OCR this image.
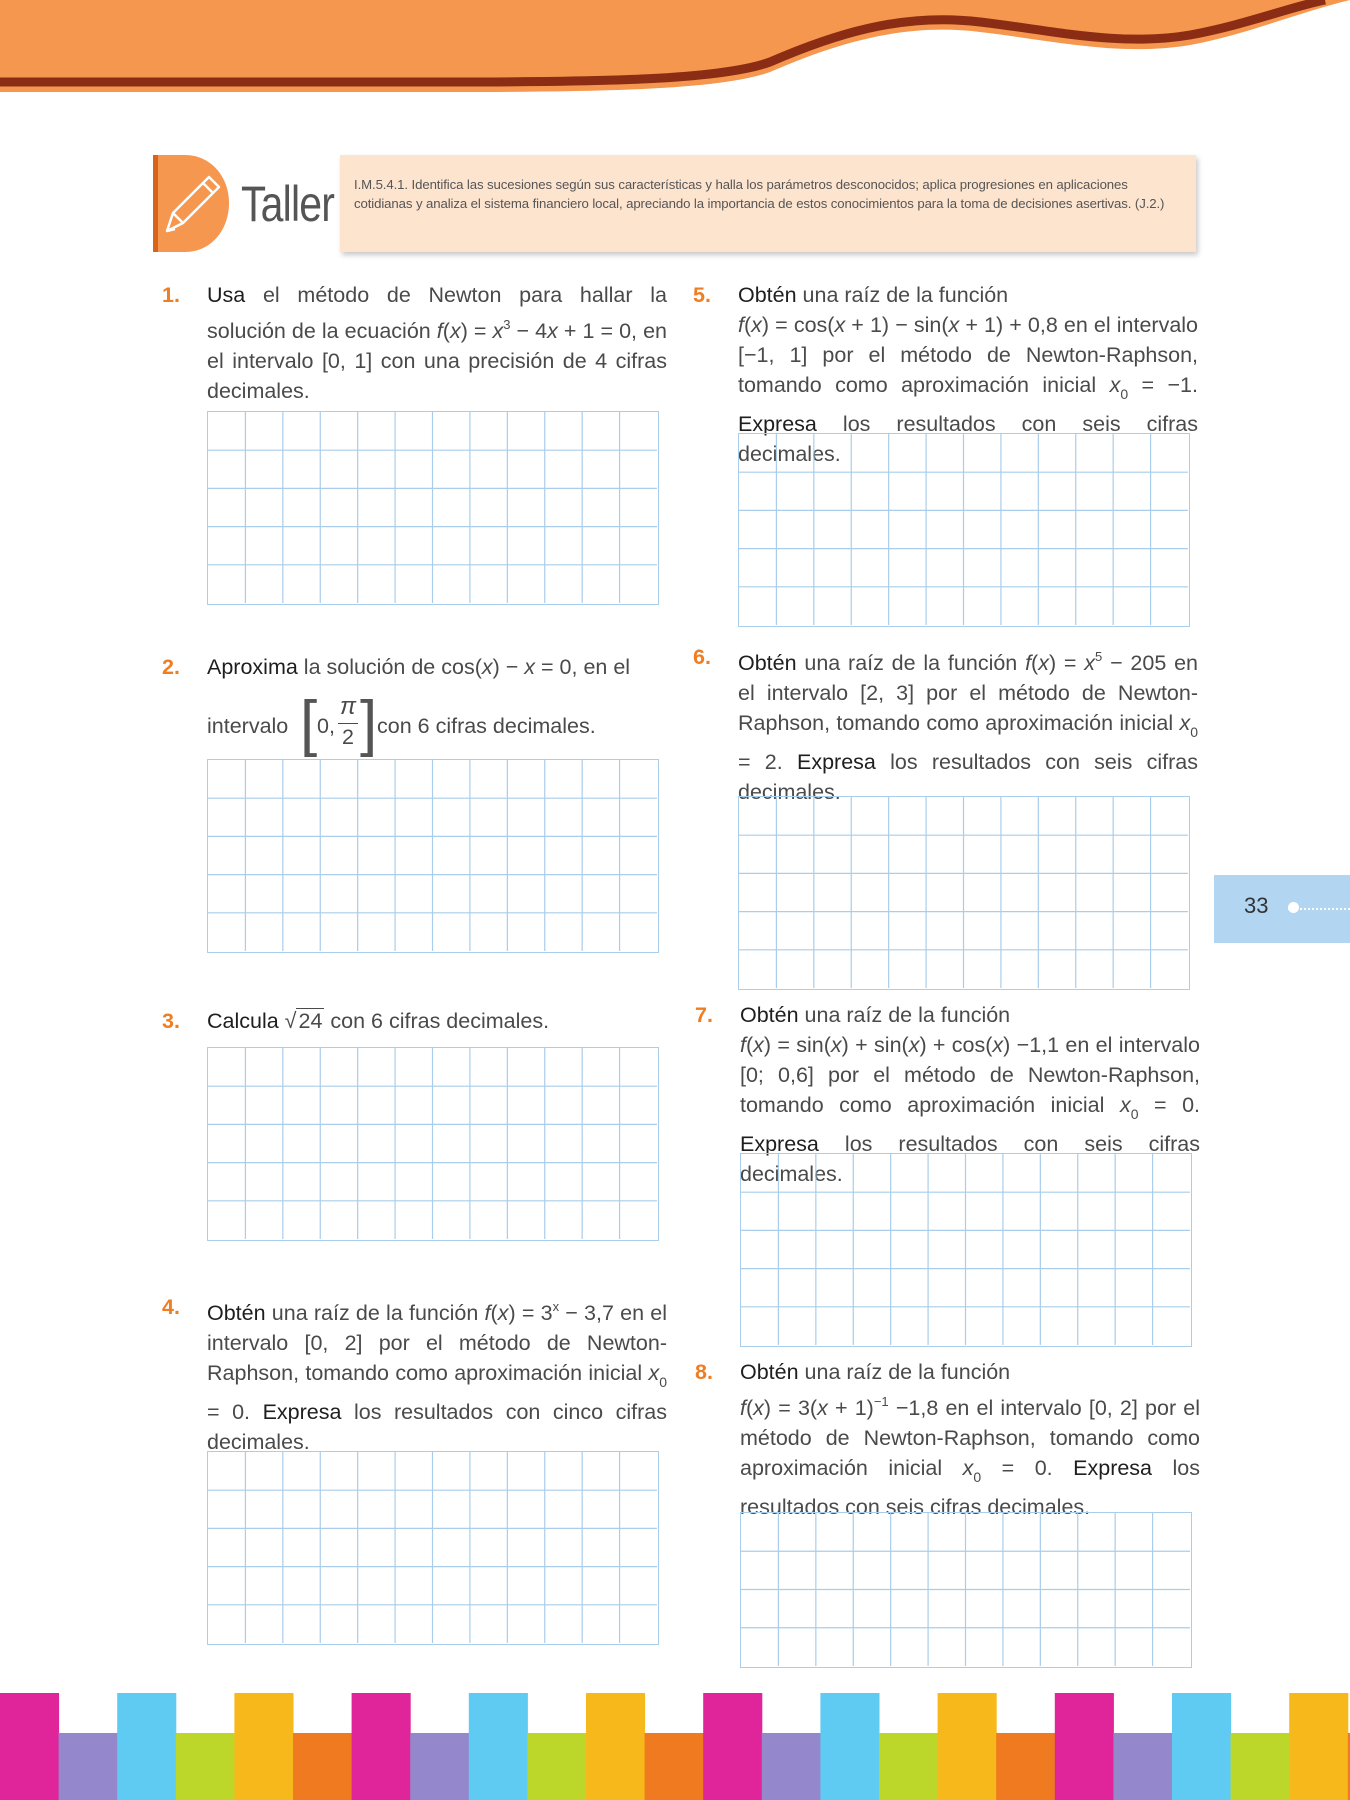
Taller	I.M.5.4.1. Identifica las sucesiones según sus características y halla los parámetros desconocidos; aplica progresiones en aplicaciones cotidianas y analiza el sistema financiero local, apreciando la importancia de estos conocimientos para la toma de decisiones asertivas. (J.2.)
1. Usa el método de Newton para hallar la solución de la ecuación $f(x) = x^3 - 4x + 1 = 0$, en el intervalo [0, 1] con una precisión de 4 cifras decimales.
2. Aproxima la solución de cos(x) − x = 0, en el
intervalo [ 0,
π
2 ] con 6 cifras decimales.
3. Calcula √24 con 6 cifras decimales.
4. Obtén una raíz de la función $f(x) = 3^x - 3,7$ en el intervalo [0, 2] por el método de Newton-Raphson, tomando como aproximación inicial $x_0 = 0$. Expresa los resultados con cinco cifras decimales.
5. Obtén una raíz de la función
f(x) = cos(x + 1) − sin(x + 1) + 0,8 en el intervalo [−1, 1] por el método de Newton-Raphson, tomando como aproximación inicial $x_0 = -1$. Expresa los resultados con seis cifras decimales.
6. Obtén una raíz de la función $f(x) = x^5 - 205$ en el intervalo [2, 3] por el método de Newton-Raphson, tomando como aproximación inicial $x_0 = 2$. Expresa los resultados con seis cifras decimales.
7. Obtén una raíz de la función
f(x) = sin(x) + sin(x) + cos(x) −1,1 en el intervalo [0; 0,6] por el método de Newton-Raphson, tomando como aproximación inicial $x_0 = 0$. Expresa los resultados con seis cifras decimales.
8. Obtén una raíz de la función
$f(x) = 3(x + 1)^{-1} -1,8$ en el intervalo [0, 2] por el método de Newton-Raphson, tomando como aproximación inicial $x_0 = 0$. Expresa los resultados con seis cifras decimales.
33
